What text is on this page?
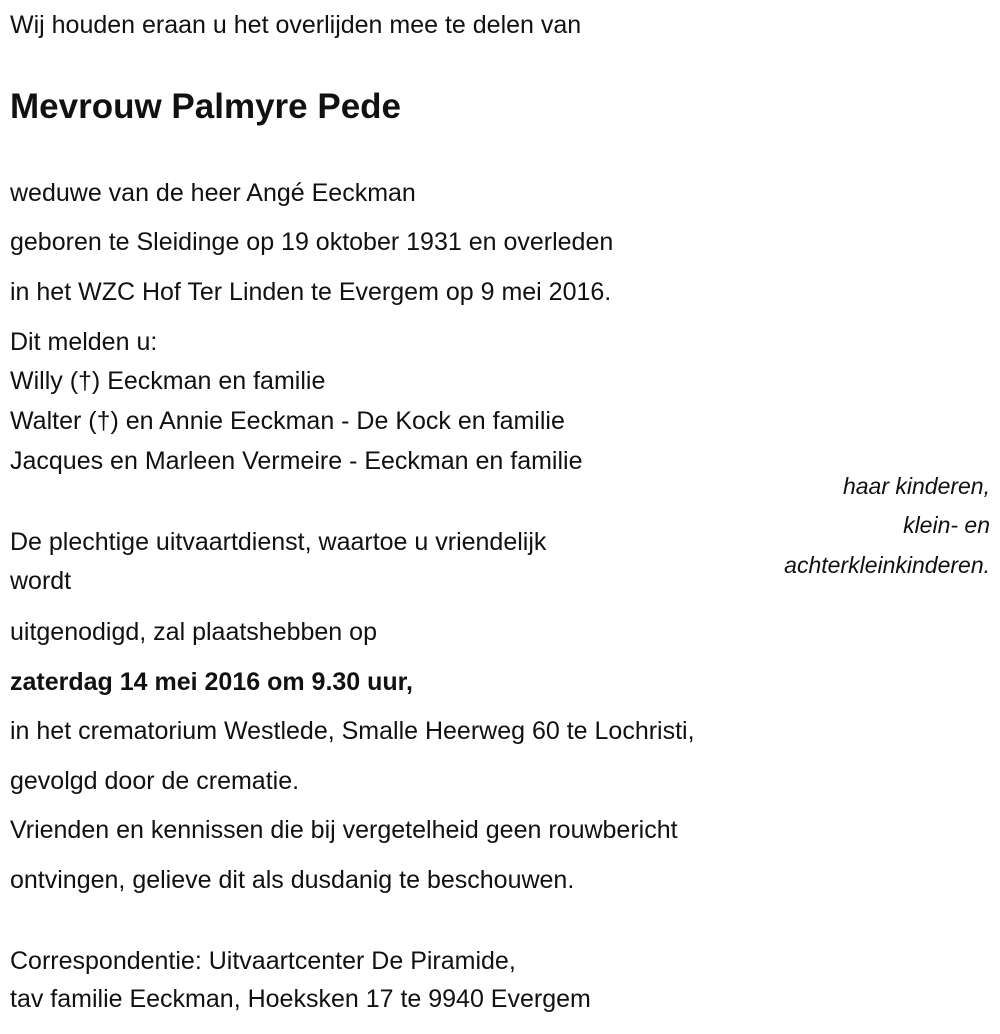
Wij houden eraan u het overlijden mee te delen van
Mevrouw Palmyre Pede
weduwe van de heer Angé Eeckman
geboren te Sleidinge op 19 oktober 1931 en overleden
in het WZC Hof Ter Linden te Evergem op 9 mei 2016.
Dit melden u:
Willy (†) Eeckman en familie
Walter (†) en Annie Eeckman - De Kock en familie
Jacques en Marleen Vermeire - Eeckman en familie
haar kinderen,
klein- en
achterkleinkinderen.
De plechtige uitvaartdienst, waartoe u vriendelijk
wordt
uitgenodigd, zal plaatshebben op
zaterdag 14 mei 2016 om 9.30 uur,
in het crematorium Westlede, Smalle Heerweg 60 te Lochristi,
gevolgd door de crematie.
Vrienden en kennissen die bij vergetelheid geen rouwbericht
ontvingen, gelieve dit als dusdanig te beschouwen.
Correspondentie: Uitvaartcenter De Piramide,
tav familie Eeckman, Hoeksken 17 te 9940 Evergem
